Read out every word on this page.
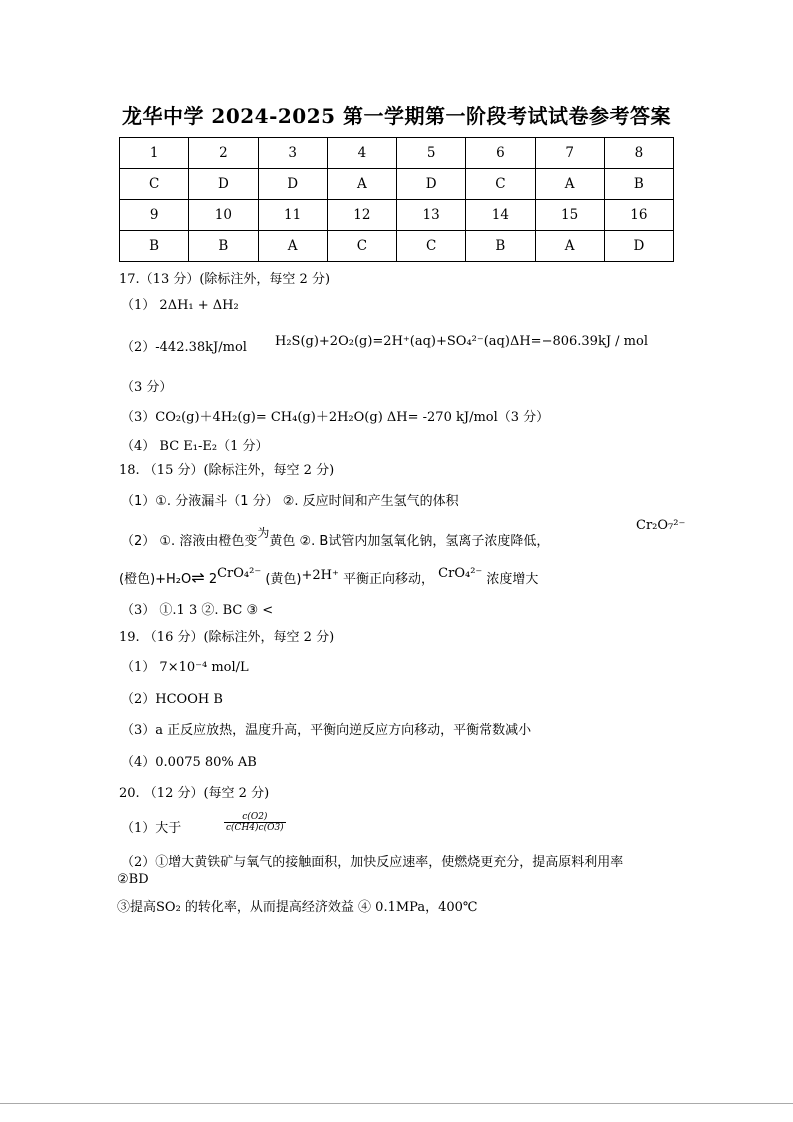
龙华中学 2024-2025 第一学期第一阶段考试试卷参考答案
1	2	3	4	5	6	7	8
C	D	D	A	D	C	A	B
9	10	11	12	13	14	15	16
B	B	A	C	C	B	A	D
17.（13 分）(除标注外，每空 2 分)
（1） 2ΔH₁ + ΔH₂
（2）-442.38kJ/mol H₂S(g)+2O₂(g)=2H⁺(aq)+SO₄²⁻(aq)ΔH=−806.39kJ / mol
（3 分）
（3）CO₂(g)＋4H₂(g)= CH₄(g)＋2H₂O(g) ΔH= -270 kJ/mol（3 分）
（4） BC E₁-E₂（1 分）
18. （15 分）(除标注外，每空 2 分)
（1）①. 分液漏斗（1 分） ②. 反应时间和产生氢气的体积
（2） ①. 溶液由橙色变为黄色 ②. B试管内加氢氧化钠，氢离子浓度降低，
Cr₂O₇²⁻
(橙色)+H₂O⇌ 2CrO₄²⁻ (黄色)+2H⁺ 平衡正向移动， CrO₄²⁻ 浓度增大
（3） ①.1 3 ②. BC ③ <
19. （16 分）(除标注外，每空 2 分)
（1） 7×10⁻⁴ mol/L
（2）HCOOH B
（3）a 正反应放热，温度升高，平衡向逆反应方向移动，平衡常数减小
（4）0.0075 80% AB
20. （12 分）(每空 2 分)
（1）大于	$\frac{c(O2)}{c(CH4)c(O3)}$
（2）①增大黄铁矿与氧气的接触面积，加快反应速率，使燃烧更充分，提高原料利用率
②BD
③提高SO₂ 的转化率，从而提高经济效益 ④ 0.1MPa，400℃
